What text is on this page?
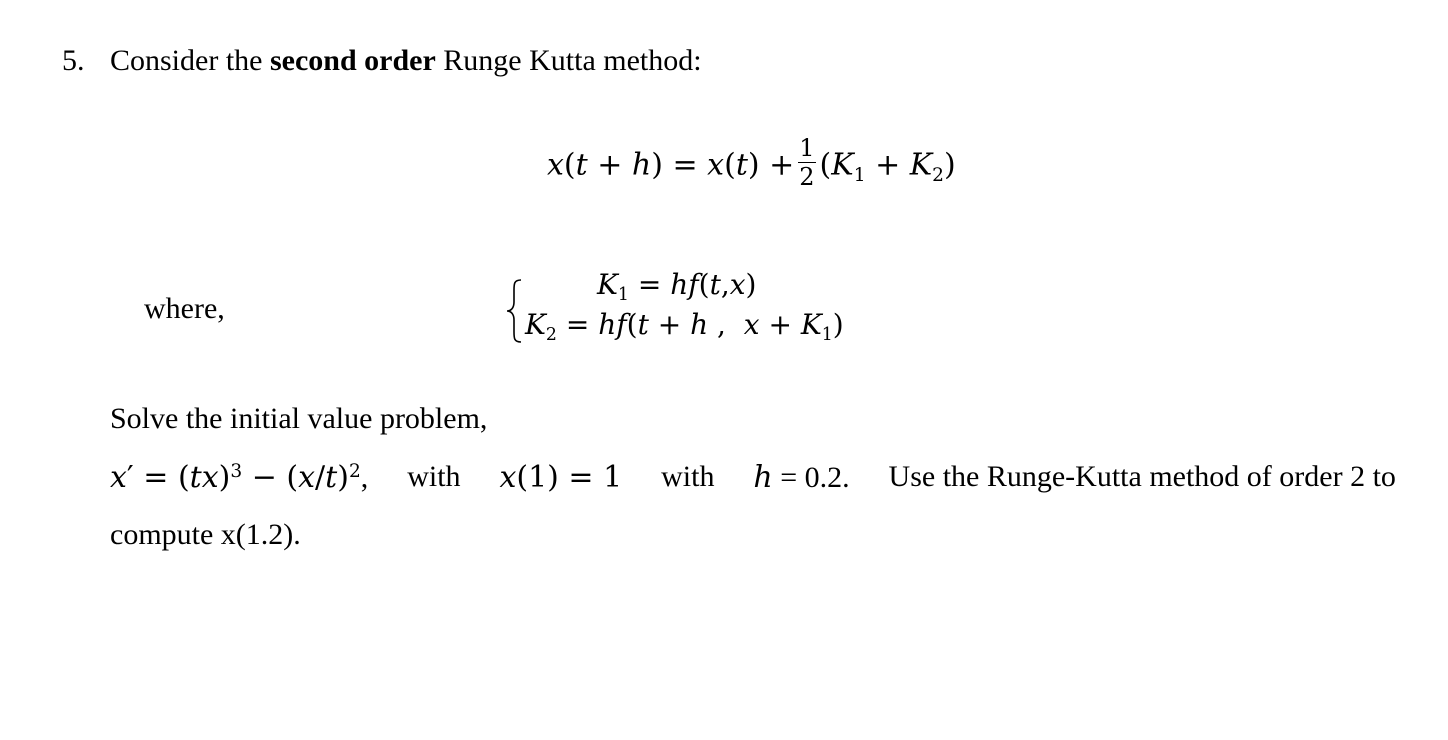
5. Consider the second order Runge Kutta method:
$x(t + h) = x(t) + \frac{1}{2} (K_1 + K_2)$
where,
$K_1 = hf(t,x)$
$K_2 = hf(t + h$ ,  $x + K_1$)
Solve the initial value problem,
$x' = (tx)^3 - (x/t)^2$, with x(1) = 1 with h = 0.2. Use the Runge-Kutta method of order 2 to
compute x(1.2).
